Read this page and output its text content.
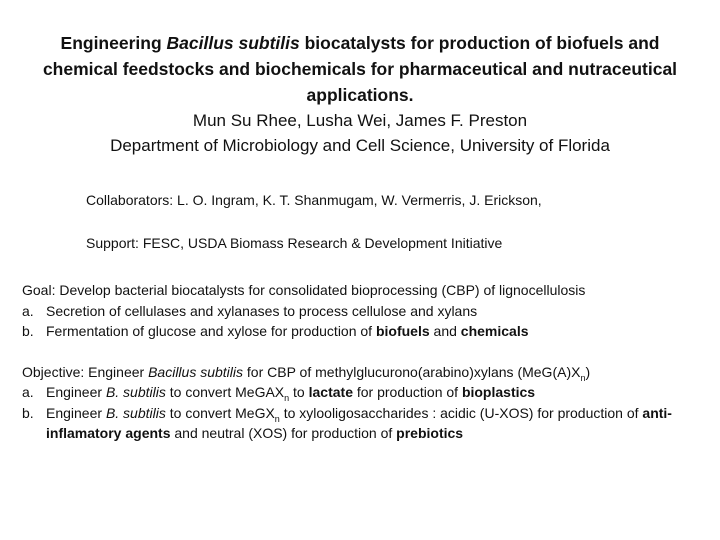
Engineering Bacillus subtilis biocatalysts for production of biofuels and chemical feedstocks and biochemicals for pharmaceutical and nutraceutical applications.
Mun Su Rhee, Lusha Wei, James F. Preston
Department of Microbiology and Cell Science, University of Florida
Collaborators: L. O. Ingram, K. T. Shanmugam, W. Vermerris, J. Erickson,
Support: FESC, USDA Biomass Research & Development Initiative
Goal: Develop bacterial biocatalysts for consolidated bioprocessing (CBP) of lignocellulosis
a. Secretion of cellulases and xylanases to process cellulose and xylans
b. Fermentation of glucose and xylose for production of biofuels and chemicals
Objective: Engineer Bacillus subtilis for CBP of methylglucurono(arabino)xylans $(MeG(A)X_n)$
a. Engineer B. subtilis to convert MeGAX$_n$ to lactate for production of bioplastics
b. Engineer B. subtilis to convert MeGX$_n$ to xylooligosaccharides : acidic (U-XOS) for production of anti-inflamatory agents and neutral (XOS) for production of prebiotics
